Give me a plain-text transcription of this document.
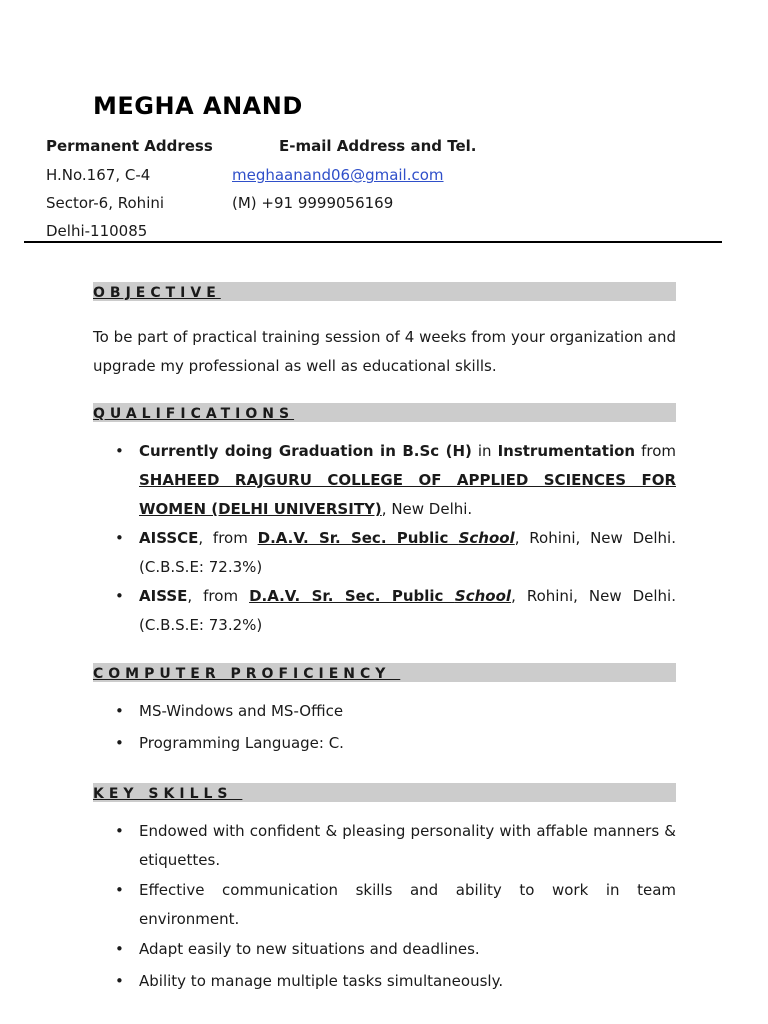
MEGHA ANAND
Permanent Address	E-mail Address and Tel.
H.No.167, C-4
Sector-6, Rohini
Delhi-110085
meghaanand06@gmail.com
(M) +91 9999056169
OBJECTIVE
To be part of practical training session of 4 weeks from your organization and upgrade my professional as well as educational skills.
QUALIFICATIONS
• Currently doing Graduation in B.Sc (H) in Instrumentation from SHAHEED RAJGURU COLLEGE OF APPLIED SCIENCES FOR WOMEN (DELHI UNIVERSITY), New Delhi.
• AISSCE, from D.A.V. Sr. Sec. Public School, Rohini, New Delhi. (C.B.S.E: 72.3%)
• AISSE, from D.A.V. Sr. Sec. Public School, Rohini, New Delhi. (C.B.S.E: 73.2%)
COMPUTER PROFICIENCY
• MS-Windows and MS-Office
• Programming Language: C.
KEY SKILLS
• Endowed with confident & pleasing personality with affable manners & etiquettes.
• Effective communication skills and ability to work in team environment.
• Adapt easily to new situations and deadlines.
• Ability to manage multiple tasks simultaneously.
